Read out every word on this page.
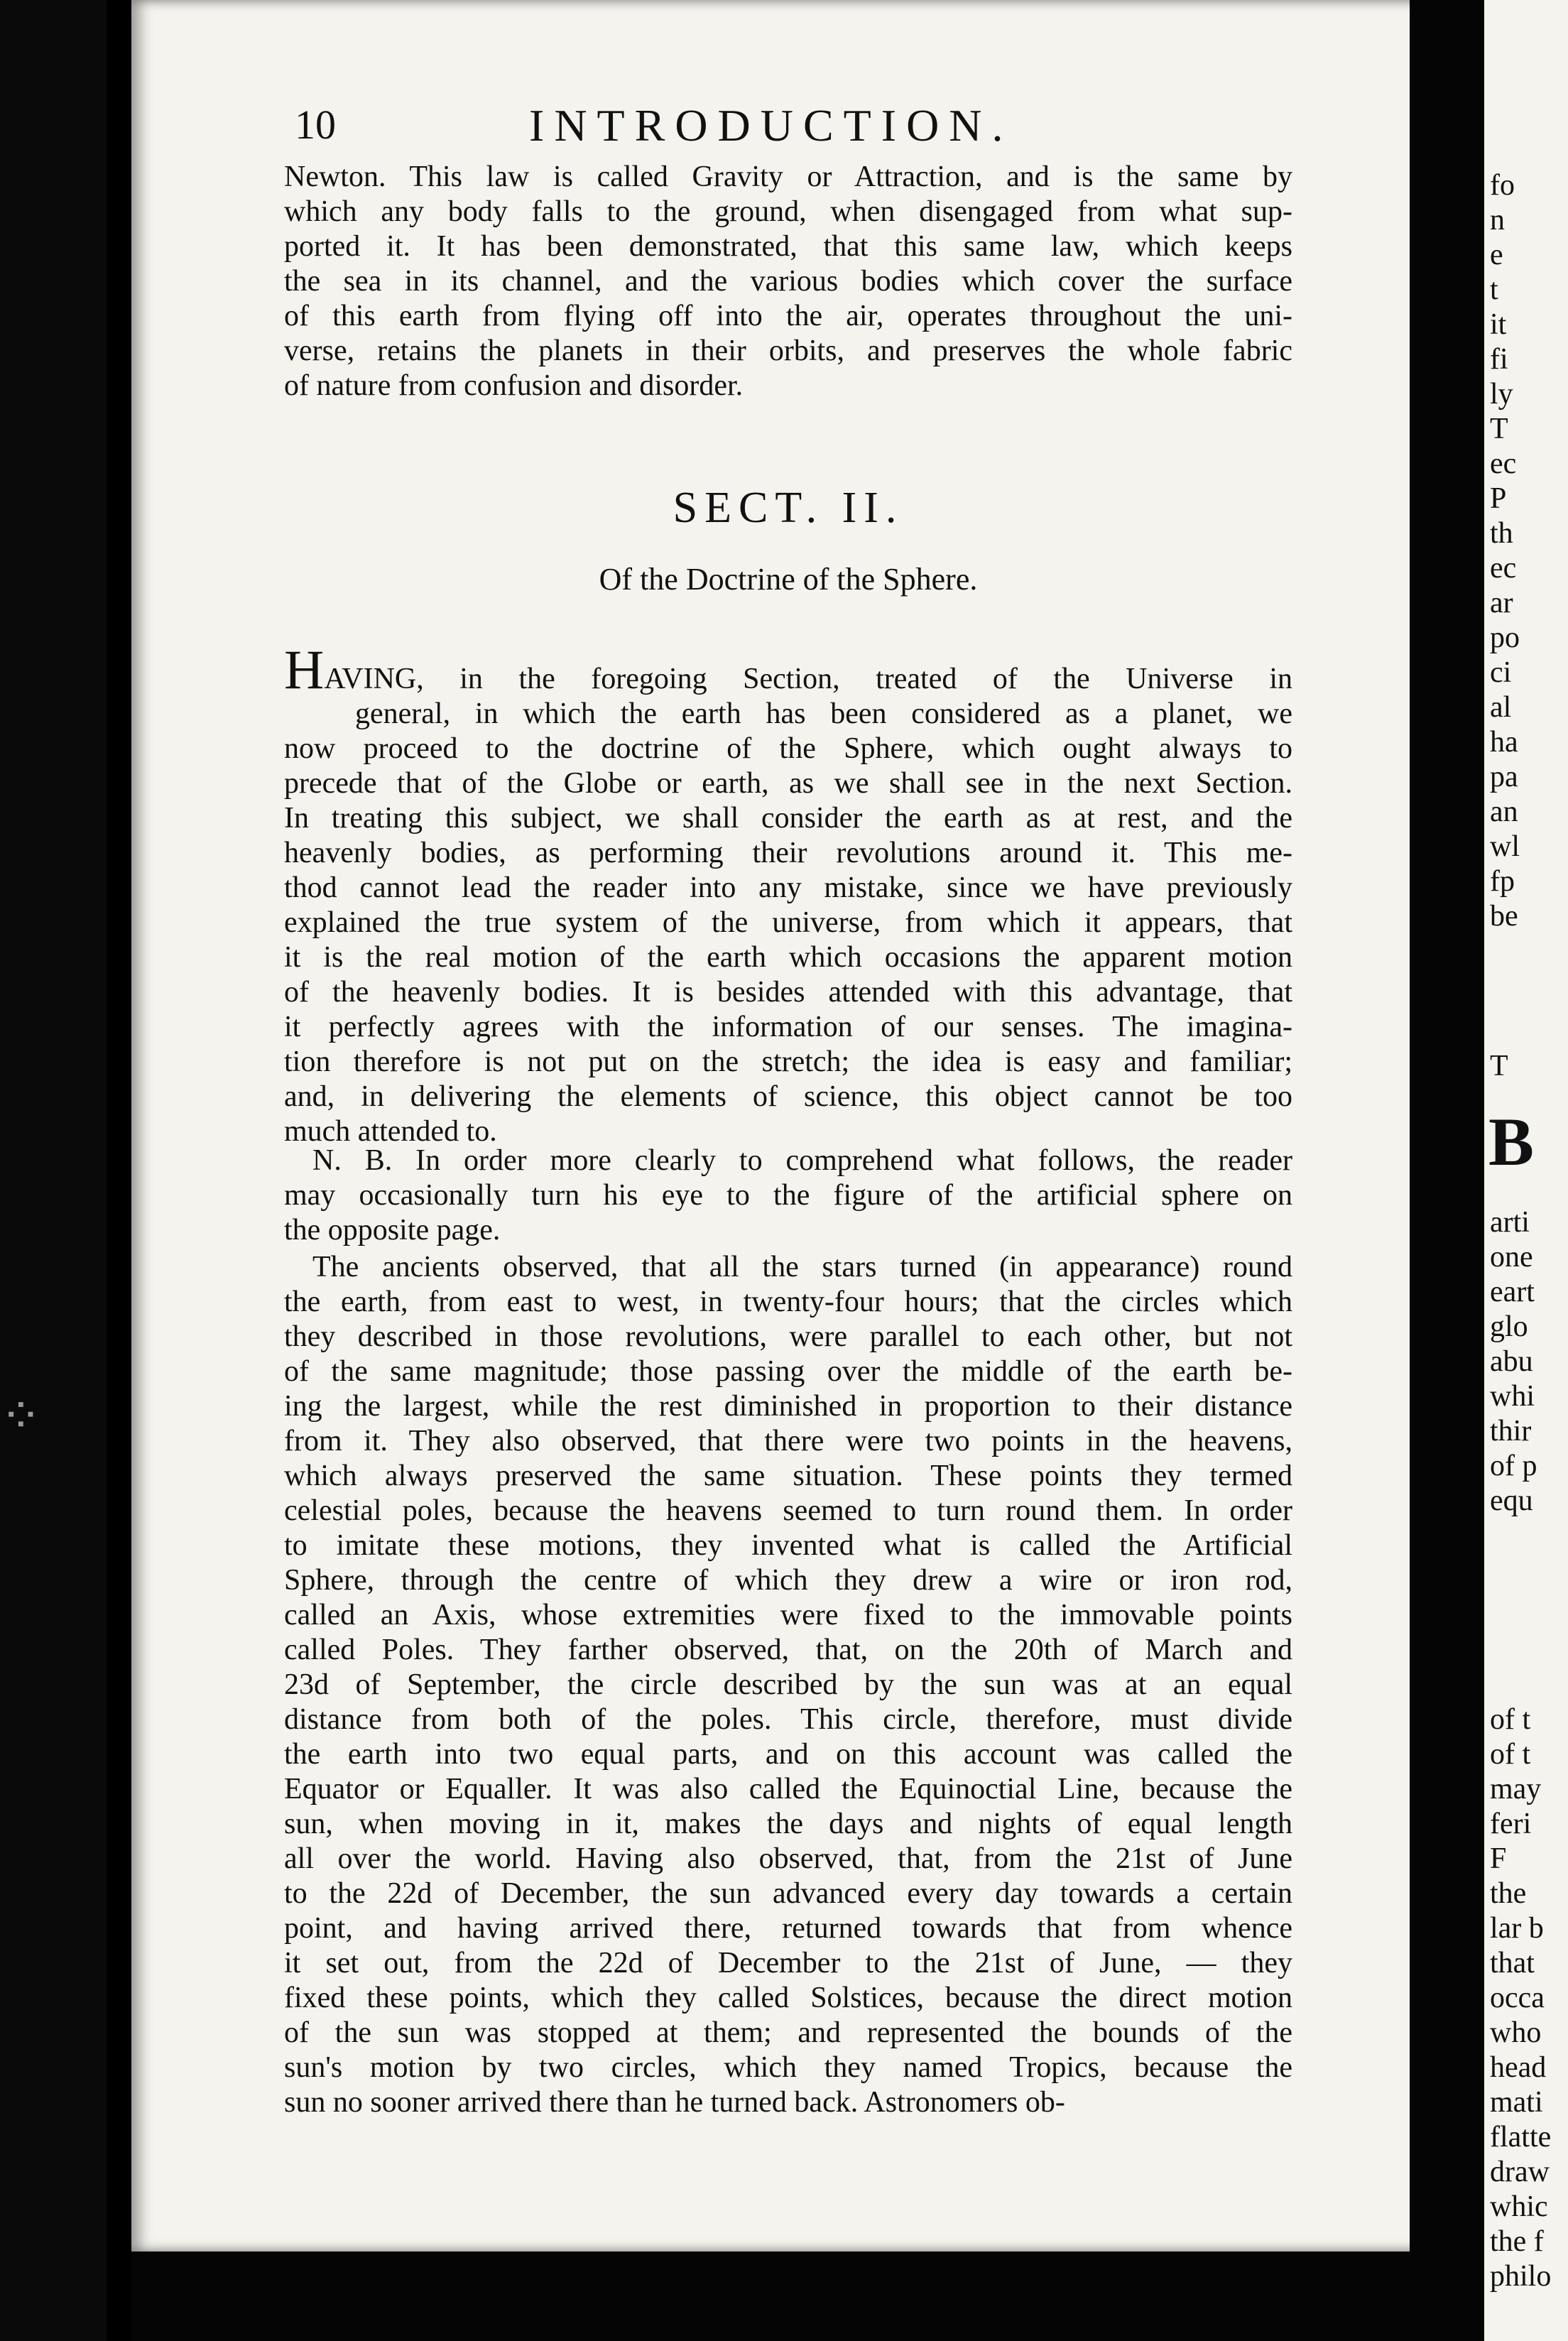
⁘
10	INTRODUCTION.
Newton. This law is called Gravity or Attraction, and is the same by
which any body falls to the ground, when disengaged from what sup-
ported it. It has been demonstrated, that this same law, which keeps
the sea in its channel, and the various bodies which cover the surface
of this earth from flying off into the air, operates throughout the uni-
verse, retains the planets in their orbits, and preserves the whole fabric
of nature from confusion and disorder.
SECT. II.
Of the Doctrine of the Sphere.
HAVING, in the foregoing Section, treated of the Universe in
general, in which the earth has been considered as a planet, we
now proceed to the doctrine of the Sphere, which ought always to
precede that of the Globe or earth, as we shall see in the next Section.
In treating this subject, we shall consider the earth as at rest, and the
heavenly bodies, as performing their revolutions around it. This me-
thod cannot lead the reader into any mistake, since we have previously
explained the true system of the universe, from which it appears, that
it is the real motion of the earth which occasions the apparent motion
of the heavenly bodies. It is besides attended with this advantage, that
it perfectly agrees with the information of our senses. The imagina-
tion therefore is not put on the stretch; the idea is easy and familiar;
and, in delivering the elements of science, this object cannot be too
much attended to.
N. B. In order more clearly to comprehend what follows, the reader
may occasionally turn his eye to the figure of the artificial sphere on
the opposite page.
The ancients observed, that all the stars turned (in appearance) round
the earth, from east to west, in twenty-four hours; that the circles which
they described in those revolutions, were parallel to each other, but not
of the same magnitude; those passing over the middle of the earth be-
ing the largest, while the rest diminished in proportion to their distance
from it. They also observed, that there were two points in the heavens,
which always preserved the same situation. These points they termed
celestial poles, because the heavens seemed to turn round them. In order
to imitate these motions, they invented what is called the Artificial
Sphere, through the centre of which they drew a wire or iron rod,
called an Axis, whose extremities were fixed to the immovable points
called Poles. They farther observed, that, on the 20th of March and
23d of September, the circle described by the sun was at an equal
distance from both of the poles. This circle, therefore, must divide
the earth into two equal parts, and on this account was called the
Equator or Equaller. It was also called the Equinoctial Line, because the
sun, when moving in it, makes the days and nights of equal length
all over the world. Having also observed, that, from the 21st of June
to the 22d of December, the sun advanced every day towards a certain
point, and having arrived there, returned towards that from whence
it set out, from the 22d of December to the 21st of June, — they
fixed these points, which they called Solstices, because the direct motion
of the sun was stopped at them; and represented the bounds of the
sun's motion by two circles, which they named Tropics, because the
sun no sooner arrived there than he turned back. Astronomers ob-
fo
n
e
t
it
fi
ly
T
ec
P
th
ec
ar
po
ci
al
ha
pa
an
wl
fp
be
T
B
arti
one
eart
glo
abu
whi
thir
of p
equ
of t
of t
may
feri
F
the
lar b
that
occa
who
head
mati
flatte
draw
whic
the f
philo
